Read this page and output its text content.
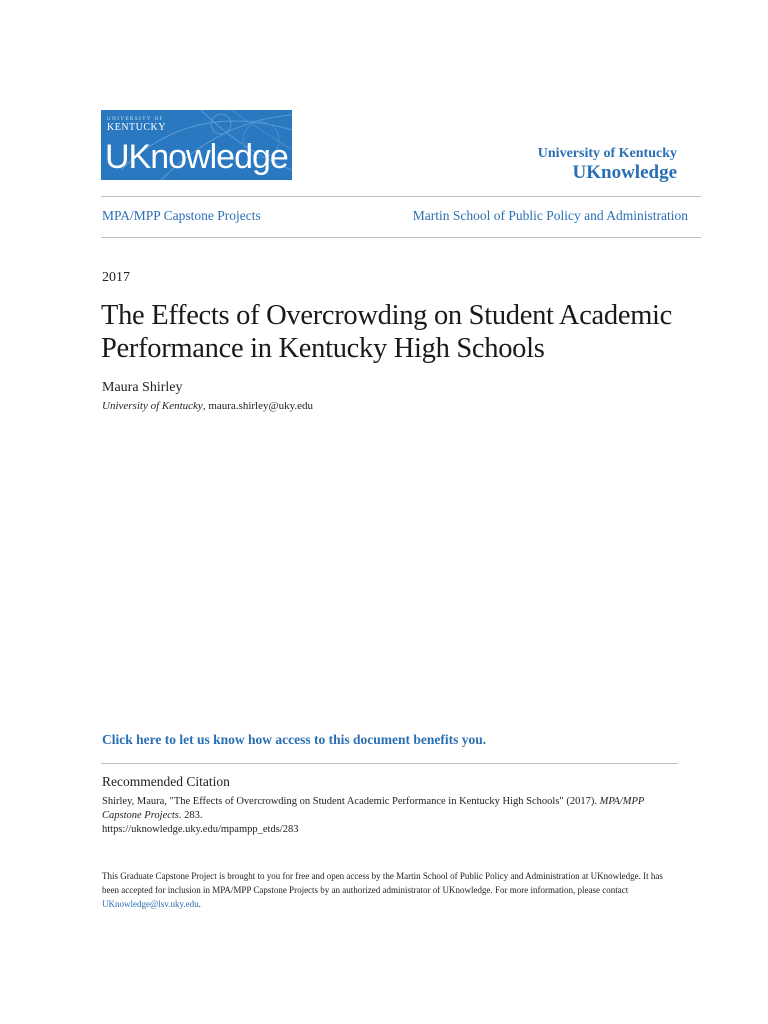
UNIVERSITY OF
KENTUCKY
UKnowledge	University of Kentucky
UKnowledge
MPA/MPP Capstone Projects	Martin School of Public Policy and Administration
2017
The Effects of Overcrowding on Student Academic Performance in Kentucky High Schools
Maura Shirley
University of Kentucky, maura.shirley@uky.edu
Click here to let us know how access to this document benefits you.
Recommended Citation
Shirley, Maura, "The Effects of Overcrowding on Student Academic Performance in Kentucky High Schools" (2017). MPA/MPP Capstone Projects. 283.
https://uknowledge.uky.edu/mpampp_etds/283
This Graduate Capstone Project is brought to you for free and open access by the Martin School of Public Policy and Administration at UKnowledge. It has been accepted for inclusion in MPA/MPP Capstone Projects by an authorized administrator of UKnowledge. For more information, please contact
UKnowledge@lsv.uky.edu.
